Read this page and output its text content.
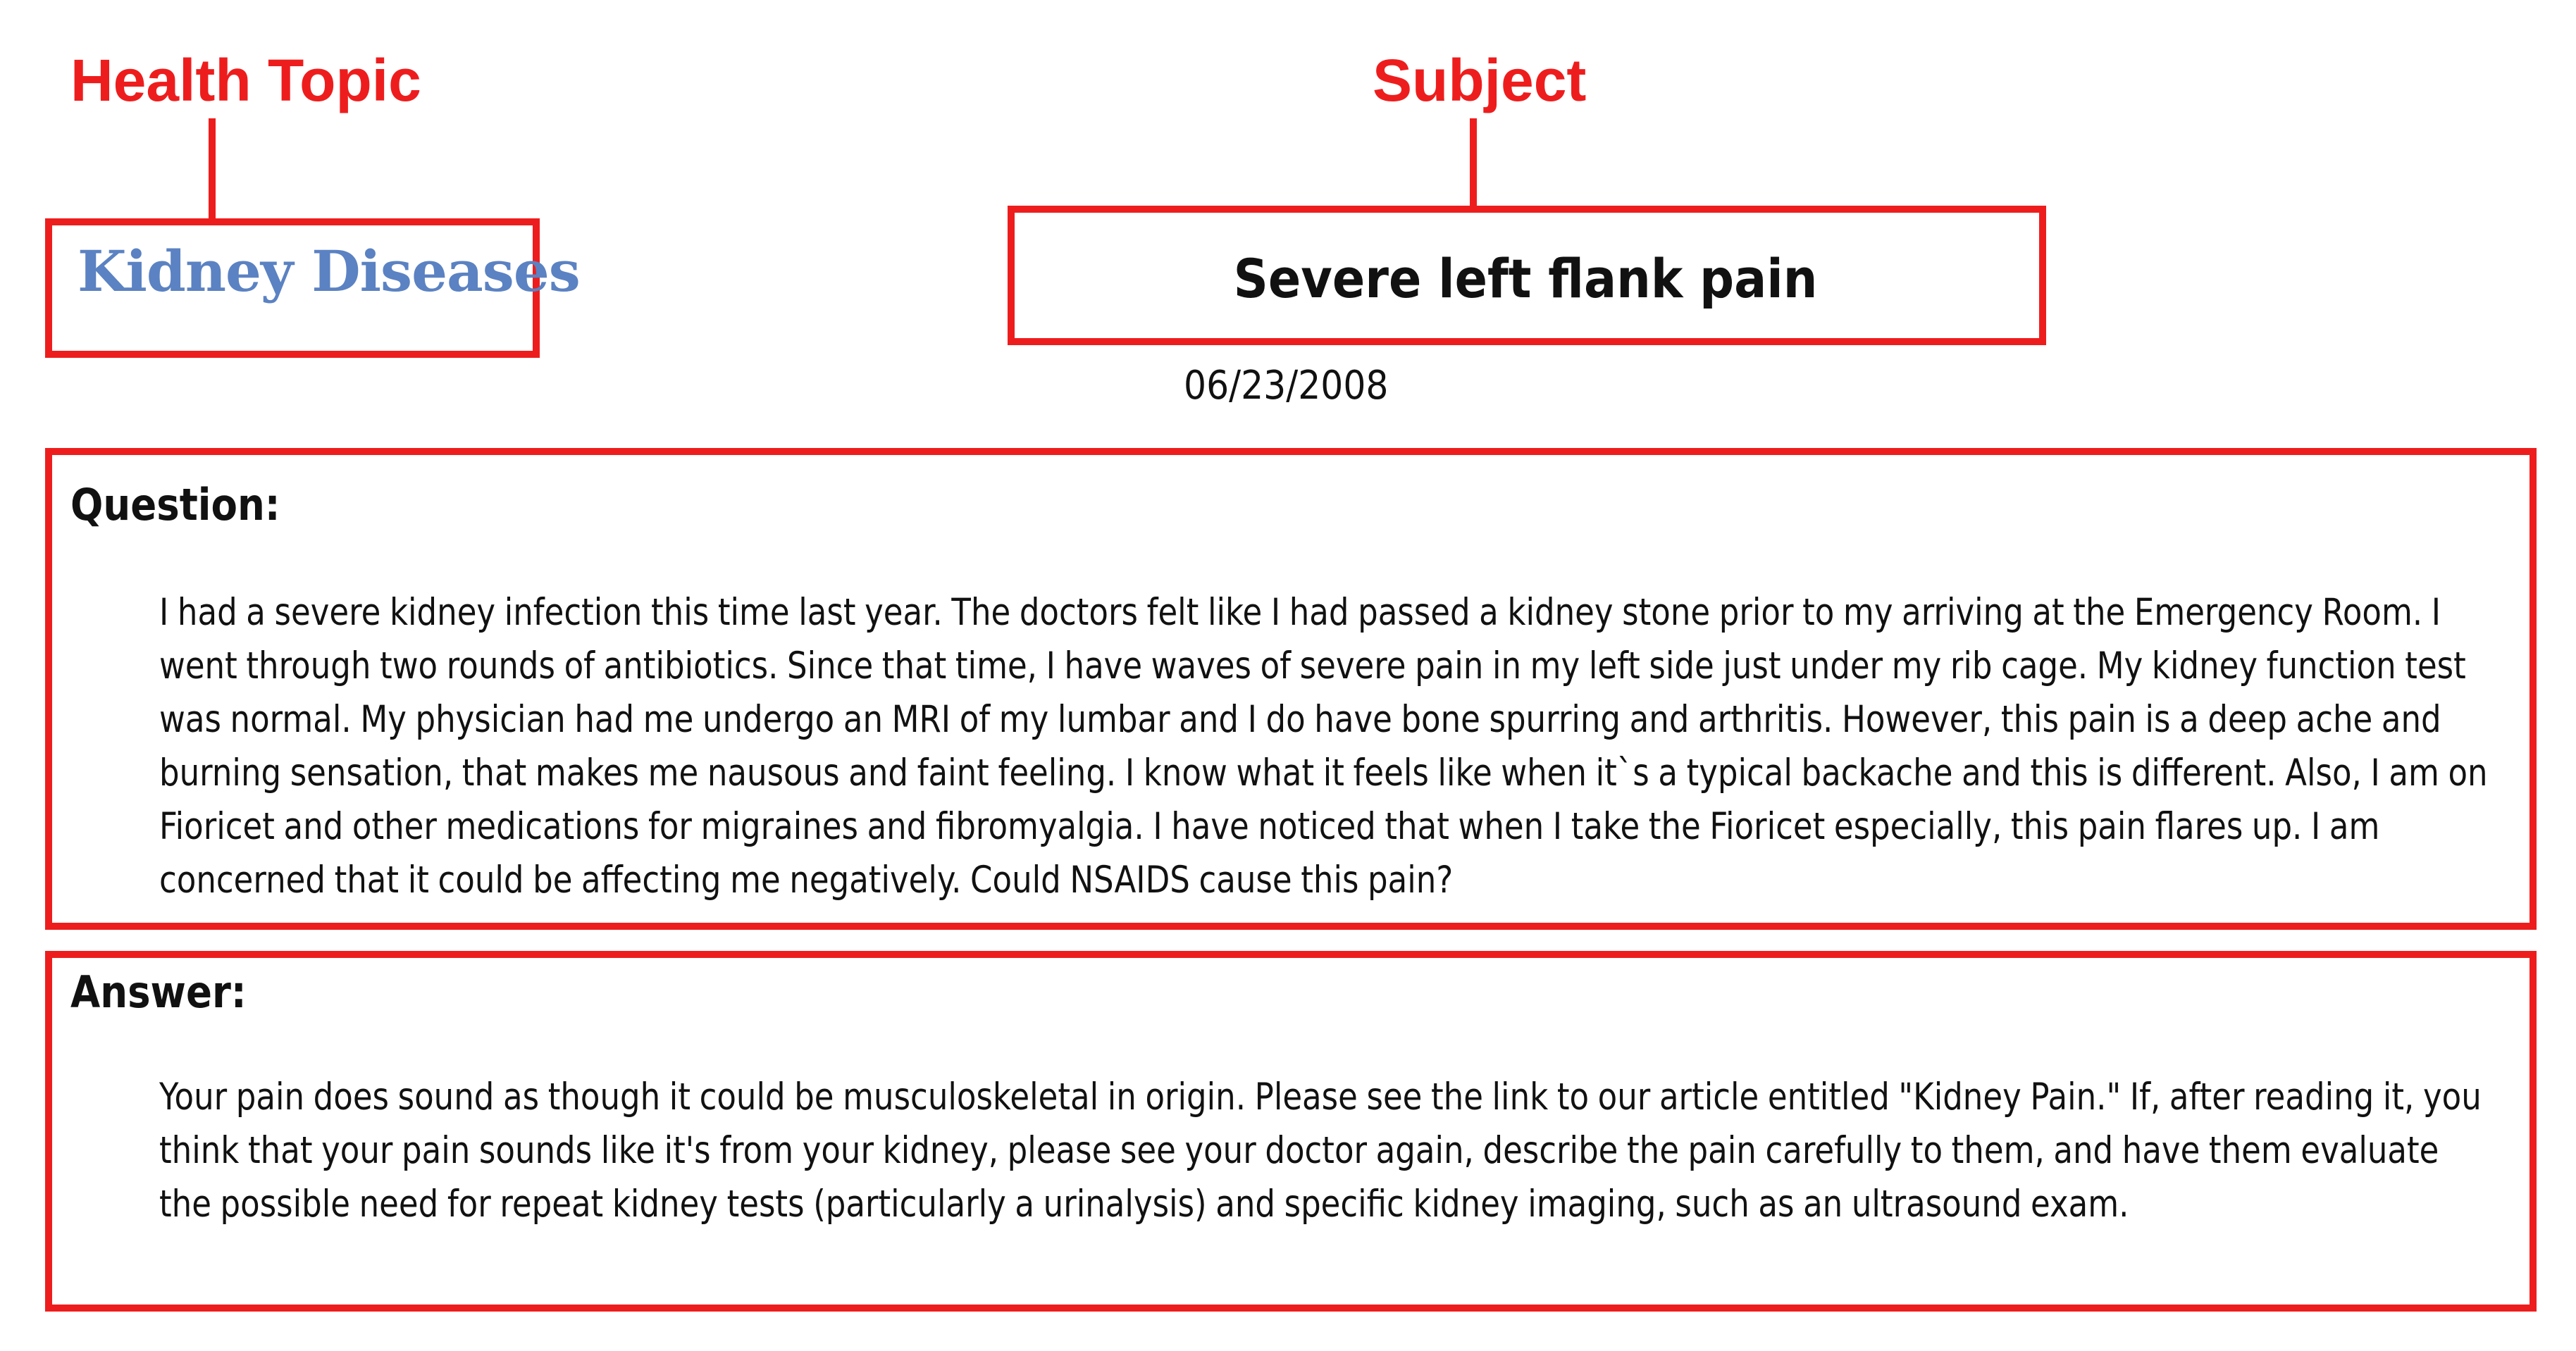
Health Topic	Subject
Kidney Diseases	Severe left flank pain
06/23/2008
Question:
I had a severe kidney infection this time last year. The doctors felt like I had passed a kidney stone prior to my arriving at the Emergency Room. I went through two rounds of antibiotics. Since that time, I have waves of severe pain in my left side just under my rib cage. My kidney function test was normal. My physician had me undergo an MRI of my lumbar and I do have bone spurring and arthritis. However, this pain is a deep ache and burning sensation, that makes me nausous and faint feeling. I know what it feels like when it`s a typical backache and this is different. Also, I am on Fioricet and other medications for migraines and fibromyalgia. I have noticed that when I take the Fioricet especially, this pain flares up. I am concerned that it could be affecting me negatively. Could NSAIDS cause this pain?
Answer:
Your pain does sound as though it could be musculoskeletal in origin. Please see the link to our article entitled "Kidney Pain." If, after reading it, you think that your pain sounds like it's from your kidney, please see your doctor again, describe the pain carefully to them, and have them evaluate the possible need for repeat kidney tests (particularly a urinalysis) and specific kidney imaging, such as an ultrasound exam.
